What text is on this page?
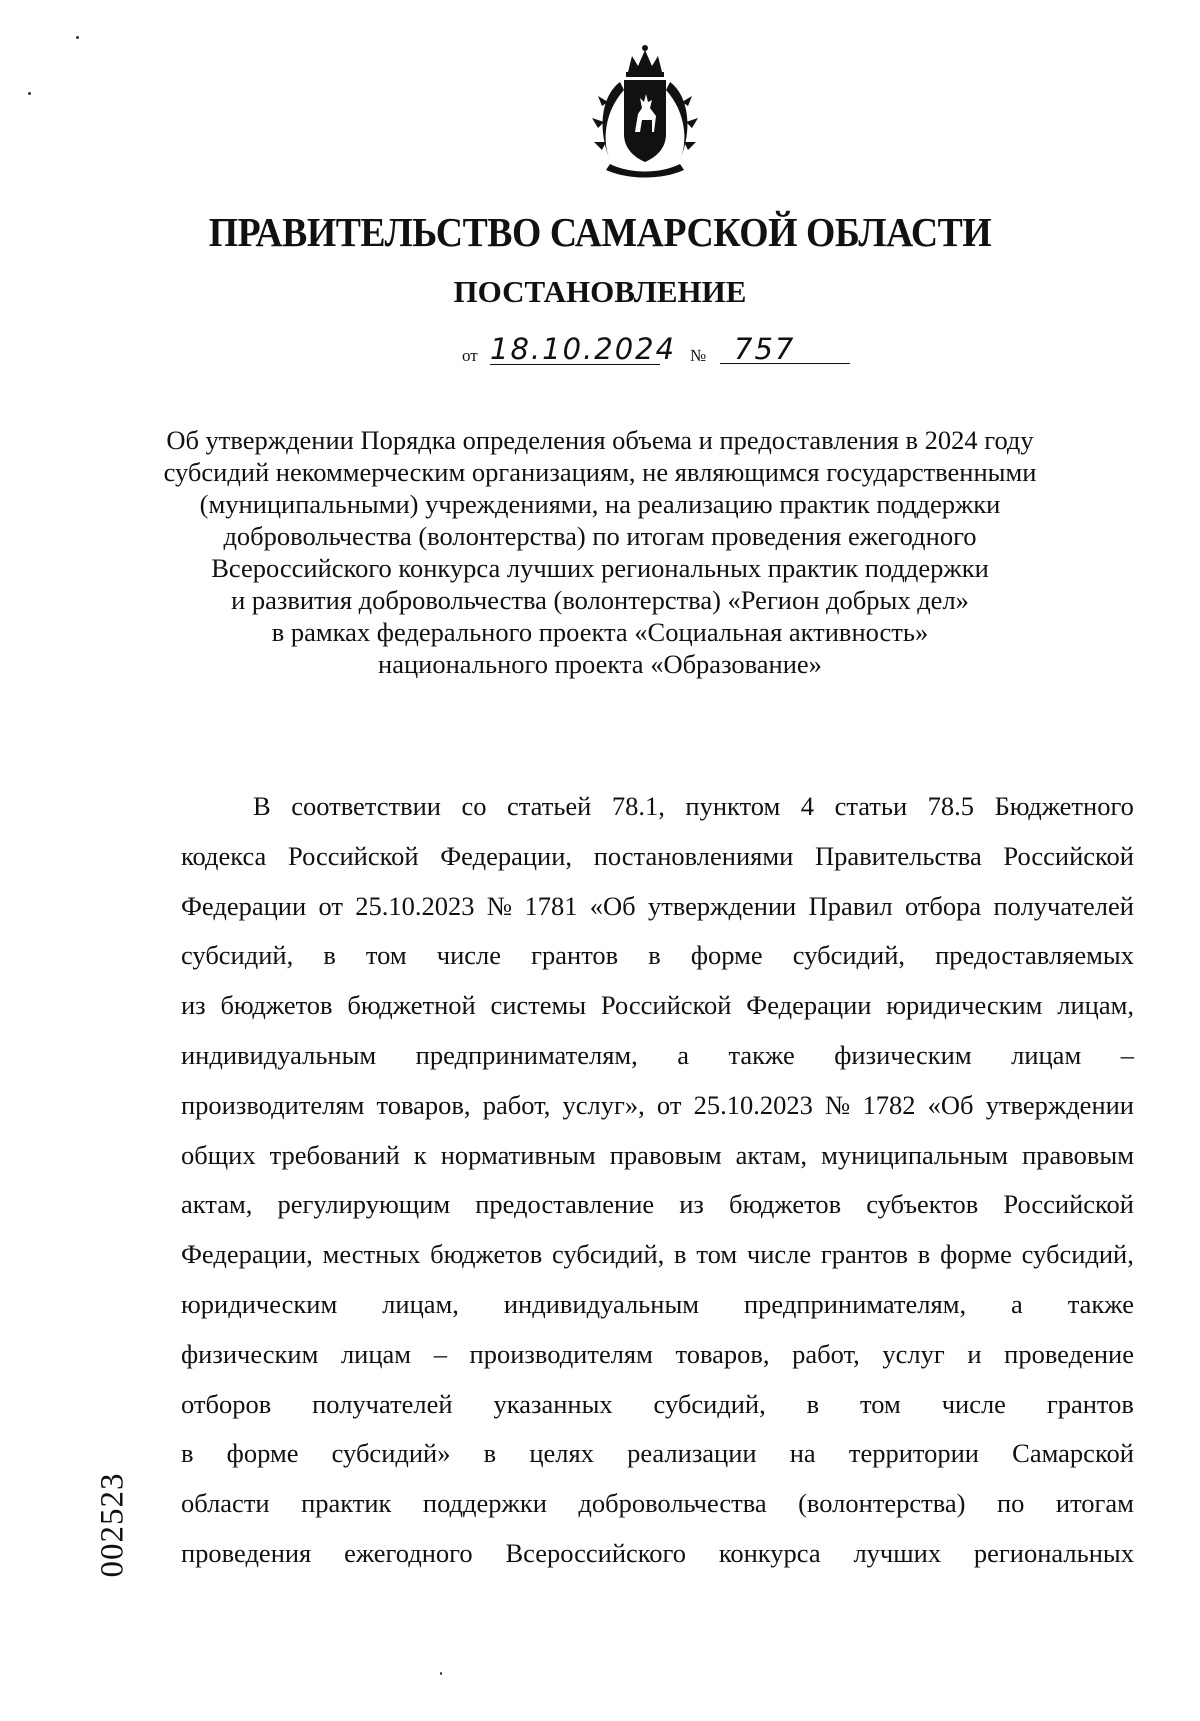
ПРАВИТЕЛЬСТВО САМАРСКОЙ ОБЛАСТИ
ПОСТАНОВЛЕНИЕ
от 18.10.2024 № 757
Об утверждении Порядка определения объема и предоставления в 2024 году
субсидий некоммерческим организациям, не являющимся государственными
(муниципальными) учреждениями, на реализацию практик поддержки
добровольчества (волонтерства) по итогам проведения ежегодного
Всероссийского конкурса лучших региональных практик поддержки
и развития добровольчества (волонтерства) «Регион добрых дел»
в рамках федерального проекта «Социальная активность»
национального проекта «Образование»
В соответствии со статьей 78.1, пунктом 4 статьи 78.5 Бюджетного
кодекса Российской Федерации, постановлениями Правительства Российской
Федерации от 25.10.2023 № 1781 «Об утверждении Правил отбора получателей
субсидий, в том числе грантов в форме субсидий, предоставляемых
из бюджетов бюджетной системы Российской Федерации юридическим лицам,
индивидуальным предпринимателям, а также физическим лицам –
производителям товаров, работ, услуг», от 25.10.2023 № 1782 «Об утверждении
общих требований к нормативным правовым актам, муниципальным правовым
актам, регулирующим предоставление из бюджетов субъектов Российской
Федерации, местных бюджетов субсидий, в том числе грантов в форме субсидий,
юридическим лицам, индивидуальным предпринимателям, а также
физическим лицам – производителям товаров, работ, услуг и проведение
отборов получателей указанных субсидий, в том числе грантов
в форме субсидий» в целях реализации на территории Самарской
области практик поддержки добровольчества (волонтерства) по итогам
проведения ежегодного Всероссийского конкурса лучших региональных
002523
